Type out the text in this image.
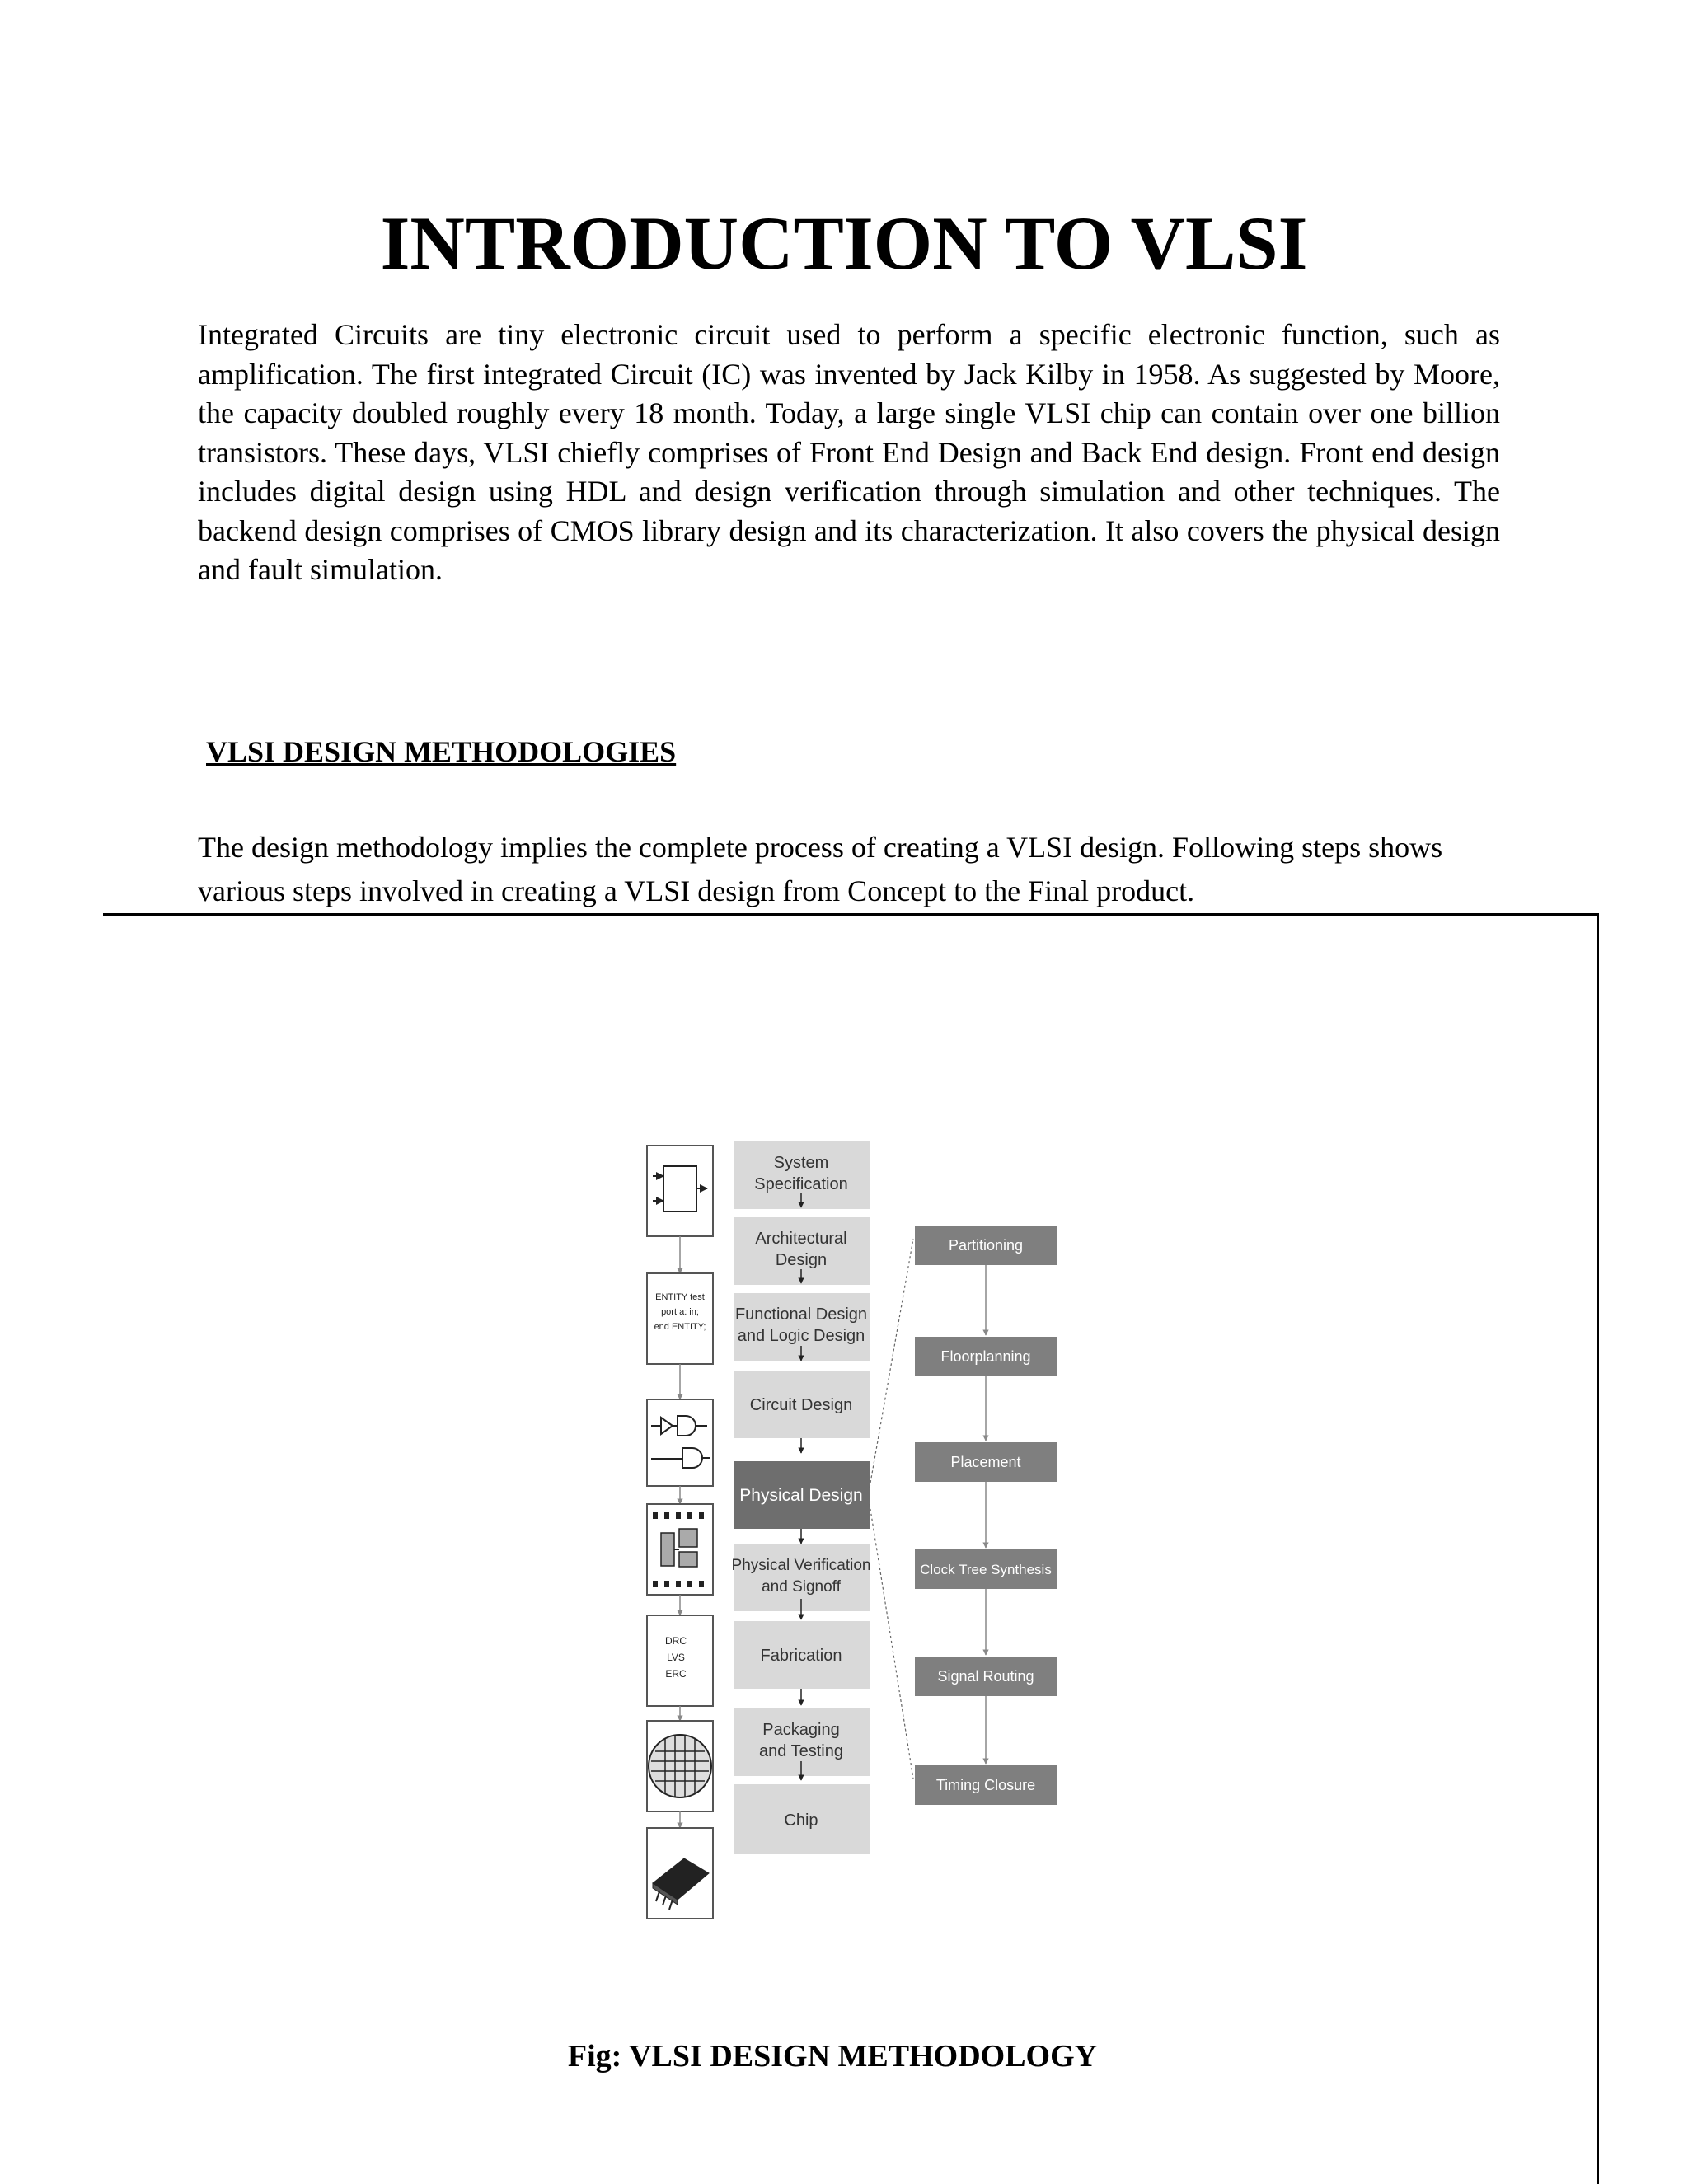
INTRODUCTION TO VLSI

Integrated Circuits are tiny electronic circuit used to perform a specific electronic function, such as amplification. The first integrated Circuit (IC) was invented by Jack Kilby in 1958. As suggested by Moore, the capacity doubled roughly every 18 month. Today, a large single VLSI chip can contain over one billion transistors. These days, VLSI chiefly comprises of Front End Design and Back End design. Front end design includes digital design using HDL and design verification through simulation and other techniques. The backend design comprises of CMOS library design and its characterization. It also covers the physical design and fault simulation.

VLSI DESIGN METHODOLOGIES

The design methodology implies the complete process of creating a VLSI design. Following steps shows various steps involved in creating a VLSI design from Concept to the Final product.

ENTITY test
port a: in;
end ENTITY;
DRC
LVS
ERC
System
Specification
Architectural
Design
Functional Design
and Logic Design
Circuit Design
Physical Design
Physical Verification
and Signoff
Fabrication
Packaging
and Testing
Chip
Partitioning
Floorplanning
Placement
Clock Tree Synthesis
Signal Routing
Timing Closure

Fig: VLSI DESIGN METHODOLOGY
